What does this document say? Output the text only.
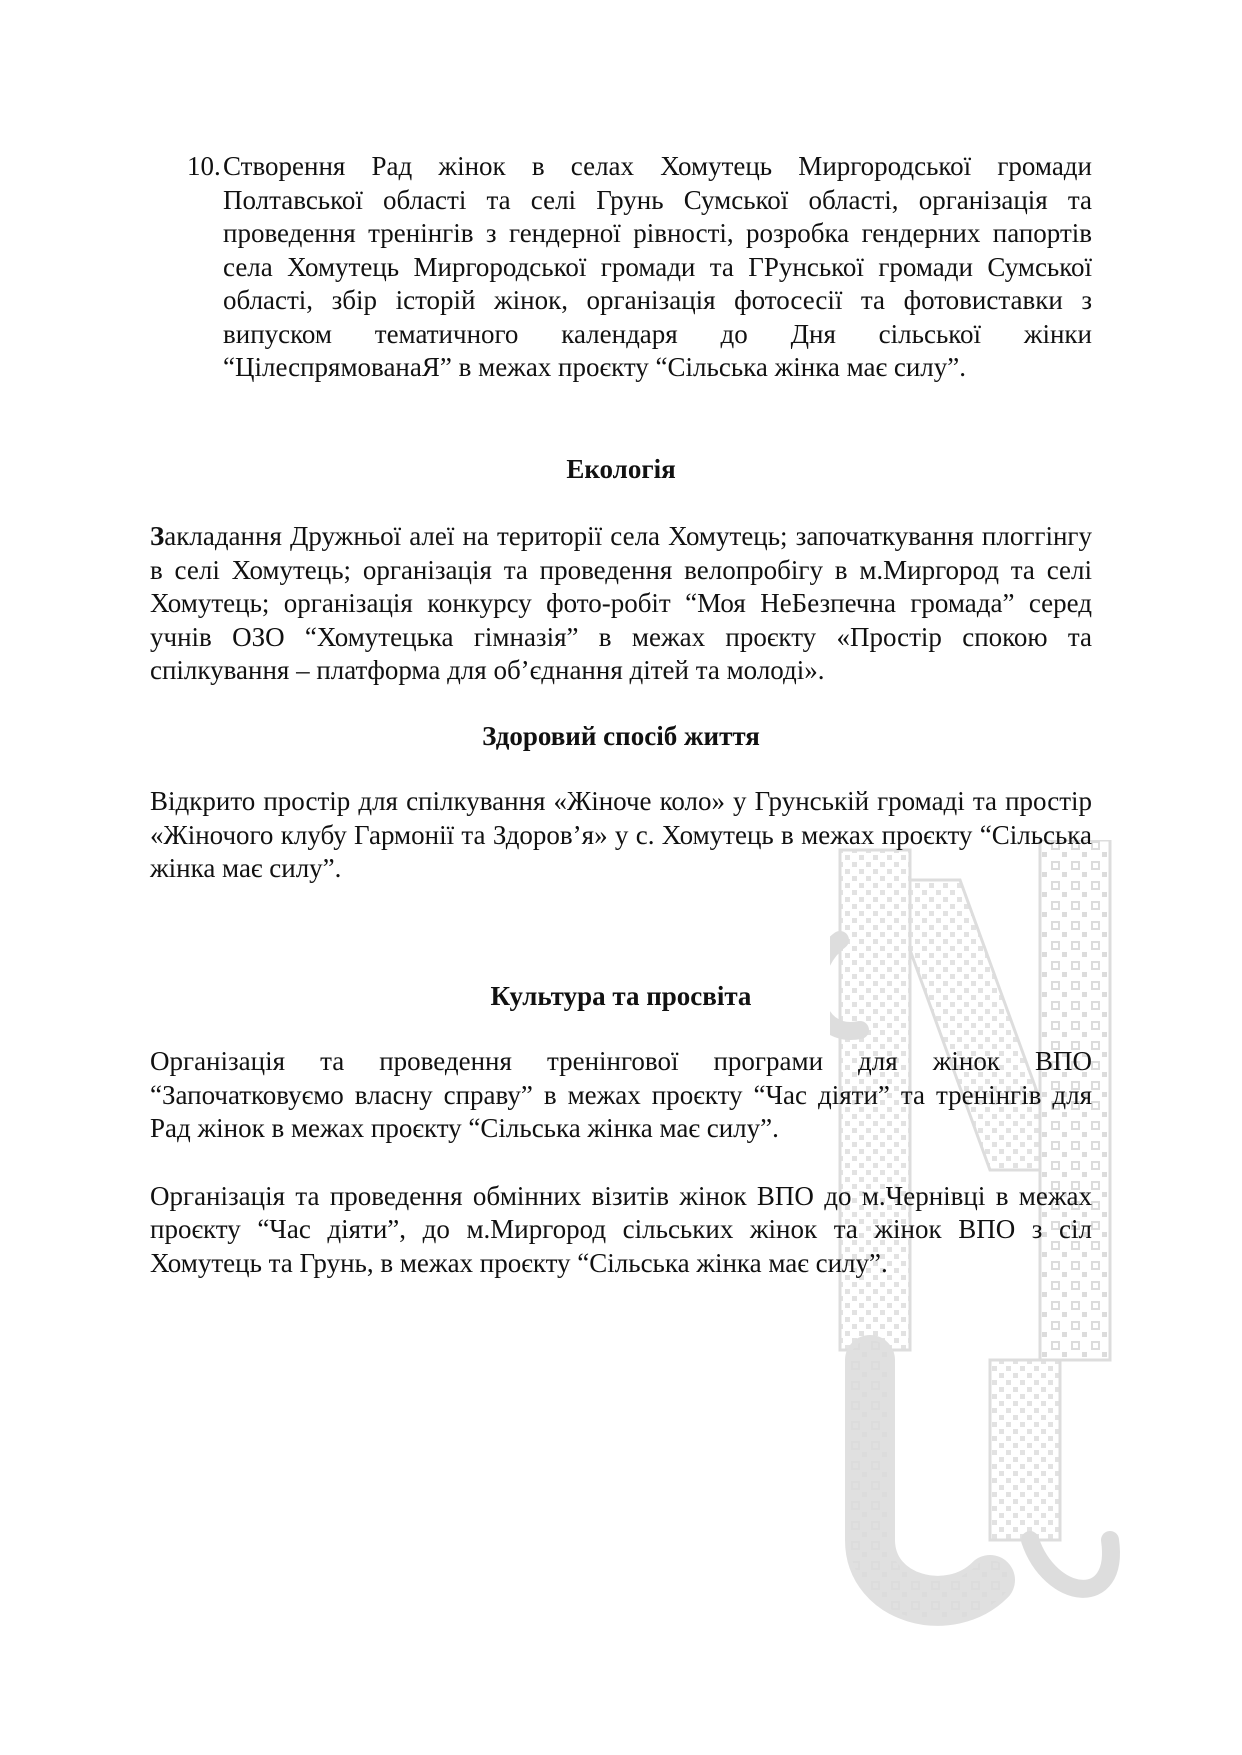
10. Створення Рад жінок в селах Хомутець Миргородської громади Полтавської області та селі Грунь Сумської області, організація та проведення тренінгів з гендерної рівності, розробка гендерних папортів села Хомутець Миргородської громади та ГРунської громади Сумської області, збір історій жінок, організація фотосесії та фотовиставки з випуском тематичного календаря до Дня сільської жінки “ЦілеспрямованаЯ” в межах проєкту “Сільська жінка має силу”.
Екологія

Закладання Дружньої алеї на території села Хомутець; започаткування плоггінгу в селі Хомутець; організація та проведення велопробігу в м.Миргород та селі Хомутець; організація конкурсу фото-робіт “Моя НеБезпечна громада” серед учнів ОЗО “Хомутецька гімназія” в межах проєкту «Простір спокою та спілкування – платформа для об’єднання дітей та молоді».

Здоровий спосіб життя

Відкрито простір для спілкування «Жіноче коло» у Грунській громаді та простір «Жіночого клубу Гармонії та Здоров’я» у с. Хомутець в межах проєкту “Сільська жінка має силу”.

Культура та просвіта

Організація та проведення тренінгової програми для жінок ВПО “Започатковуємо власну справу” в межах проєкту “Час діяти” та тренінгів для Рад жінок в межах проєкту “Сільська жінка має силу”.

Організація та проведення обмінних візитів жінок ВПО до м.Чернівці в межах проєкту “Час діяти”, до м.Миргород сільських жінок та жінок ВПО з сіл Хомутець та Грунь, в межах проєкту “Сільська жінка має силу”.
